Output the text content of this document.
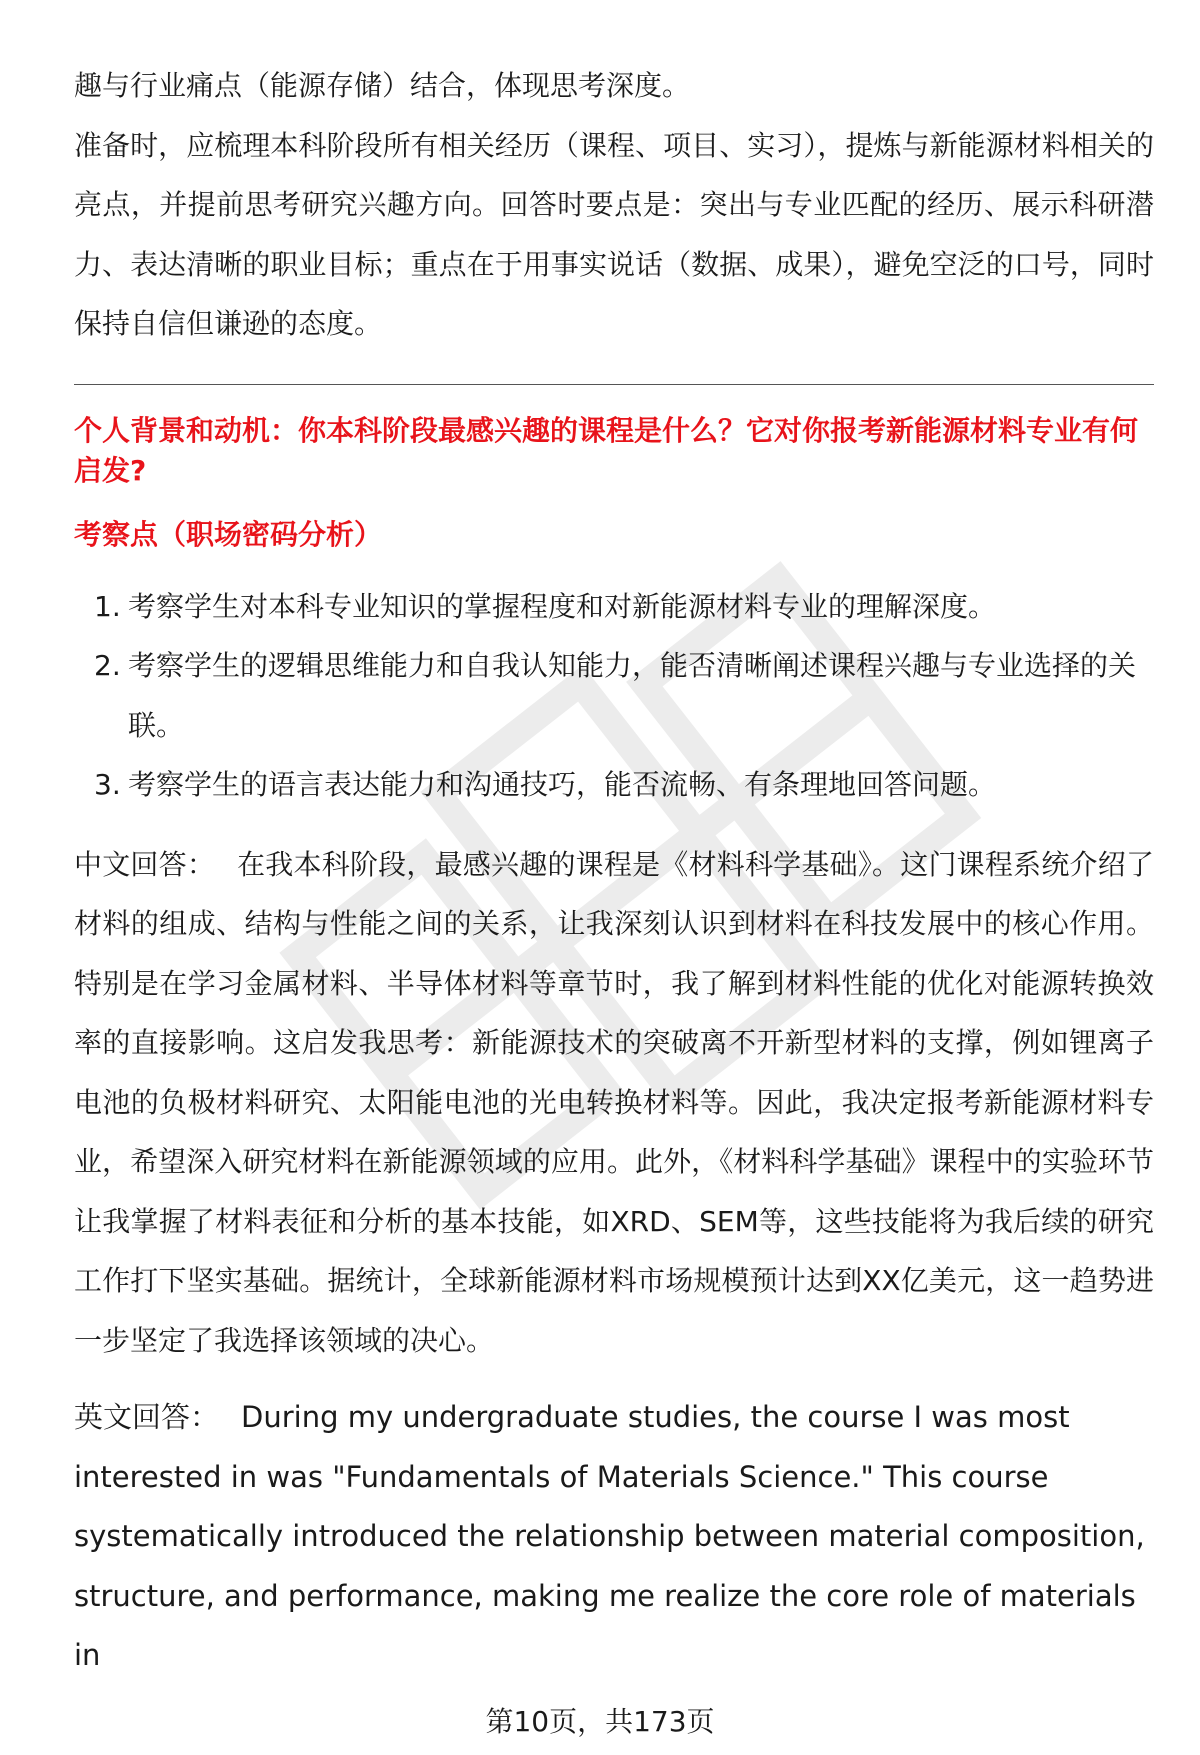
趣与行业痛点（能源存储）结合，体现思考深度。

准备时，应梳理本科阶段所有相关经历（课程、项目、实习），提炼与新能源材料相关的亮点，并提前思考研究兴趣方向。回答时要点是：突出与专业匹配的经历、展示科研潜力、表达清晰的职业目标；重点在于用事实说话（数据、成果），避免空泛的口号，同时保持自信但谦逊的态度。

个人背景和动机：你本科阶段最感兴趣的课程是什么？它对你报考新能源材料专业有何启发?

考察点（职场密码分析）

1. 考察学生对本科专业知识的掌握程度和对新能源材料专业的理解深度。
2. 考察学生的逻辑思维能力和自我认知能力，能否清晰阐述课程兴趣与专业选择的关联。
3. 考察学生的语言表达能力和沟通技巧，能否流畅、有条理地回答问题。

中文回答： 在我本科阶段，最感兴趣的课程是《材料科学基础》。这门课程系统介绍了材料的组成、结构与性能之间的关系，让我深刻认识到材料在科技发展中的核心作用。特别是在学习金属材料、半导体材料等章节时，我了解到材料性能的优化对能源转换效率的直接影响。这启发我思考：新能源技术的突破离不开新型材料的支撑，例如锂离子电池的负极材料研究、太阳能电池的光电转换材料等。因此，我决定报考新能源材料专业，希望深入研究材料在新能源领域的应用。此外，《材料科学基础》课程中的实验环节让我掌握了材料表征和分析的基本技能，如XRD、SEM等，这些技能将为我后续的研究工作打下坚实基础。据统计，全球新能源材料市场规模预计达到XX亿美元，这一趋势进一步坚定了我选择该领域的决心。

英文回答： During my undergraduate studies, the course I was most interested in was "Fundamentals of Materials Science." This course systematically introduced the relationship between material composition, structure, and performance, making me realize the core role of materials in

第10页，共173页
